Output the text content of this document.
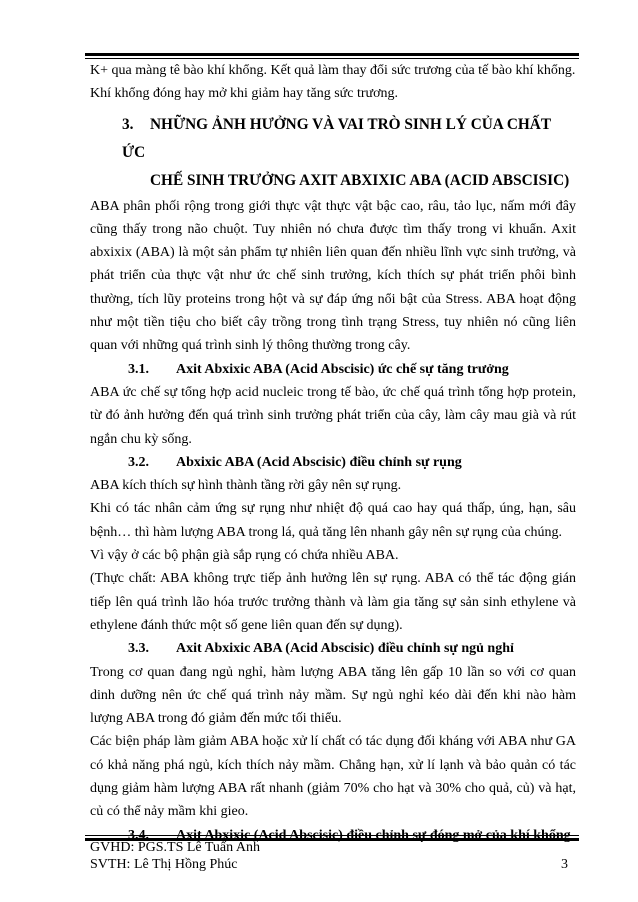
K+ qua màng tê bào khí khổng. Kết quả làm thay đổi sức trương của tế bào khí khổng.

Khí khổng đóng hay mở khi giảm hay tăng sức trương.

3. NHỮNG ẢNH HƯỞNG VÀ VAI TRÒ SINH LÝ CỦA CHẤT ỨC
CHẾ SINH TRƯỞNG AXIT ABXIXIC ABA (ACID ABSCISIC)

ABA phân phối rộng trong giới thực vật thực vật bậc cao, râu, tảo lục, nấm mới đây cũng thấy trong não chuột. Tuy nhiên nó chưa được tìm thấy trong vi khuẩn. Axit abxixix (ABA) là một sản phẩm tự nhiên liên quan đến nhiều lĩnh vực sinh trưởng, và phát triển của thực vật như ức chế sinh trưởng, kích thích sự phát triển phôi bình thường, tích lũy proteins trong hột và sự đáp ứng nổi bật của Stress. ABA hoạt động như một tiền tiệu cho biết cây trồng trong tình trạng Stress, tuy nhiên nó cũng liên quan với những quá trình sinh lý thông thường trong cây.

3.1. Axit Abxixic ABA (Acid Abscisic) ức chế sự tăng trưởng

ABA ức chế sự tổng hợp acid nucleic trong tế bào, ức chế quá trình tổng hợp protein, từ đó ảnh hưởng đến quá trình sinh trưởng phát triển của cây, làm cây mau già và rút ngắn chu kỳ sống.

3.2. Abxixic ABA (Acid Abscisic) điều chỉnh sự rụng

ABA kích thích sự hình thành tầng rời gây nên sự rụng.

Khi có tác nhân cảm ứng sự rụng như nhiệt độ quá cao hay quá thấp, úng, hạn, sâu bệnh… thì hàm lượng ABA trong lá, quả tăng lên nhanh gây nên sự rụng của chúng.

Vì vậy ở các bộ phận già sắp rụng có chứa nhiều ABA.

(Thực chất: ABA không trực tiếp ảnh hưởng lên sự rụng. ABA có thể tác động gián tiếp lên quá trình lão hóa trước trưởng thành và làm gia tăng sự sản sinh ethylene và ethylene đánh thức một số gene liên quan đến sự dụng).

3.3. Axit Abxixic ABA (Acid Abscisic) điều chỉnh sự ngủ nghỉ

Trong cơ quan đang ngủ nghỉ, hàm lượng ABA tăng lên gấp 10 lần so với cơ quan dinh dưỡng nên ức chế quá trình nảy mầm. Sự ngủ nghỉ kéo dài đến khi nào hàm lượng ABA trong đó giảm đến mức tối thiểu.

Các biện pháp làm giảm ABA hoặc xử lí chất có tác dụng đối kháng với ABA như GA có khả năng phá ngủ, kích thích nảy mầm. Chẳng hạn, xử lí lạnh và bảo quản có tác dụng giảm hàm lượng ABA rất nhanh (giảm 70% cho hạt và 30% cho quả, củ) và hạt, củ có thể nảy mầm khi gieo.

3.4. Axit Abxixic (Acid Abscisic) điều chỉnh sự đóng mở của khí khổng
GVHD: PGS.TS Lê Tuấn Anh
SVTH: Lê Thị Hồng Phúc	3
